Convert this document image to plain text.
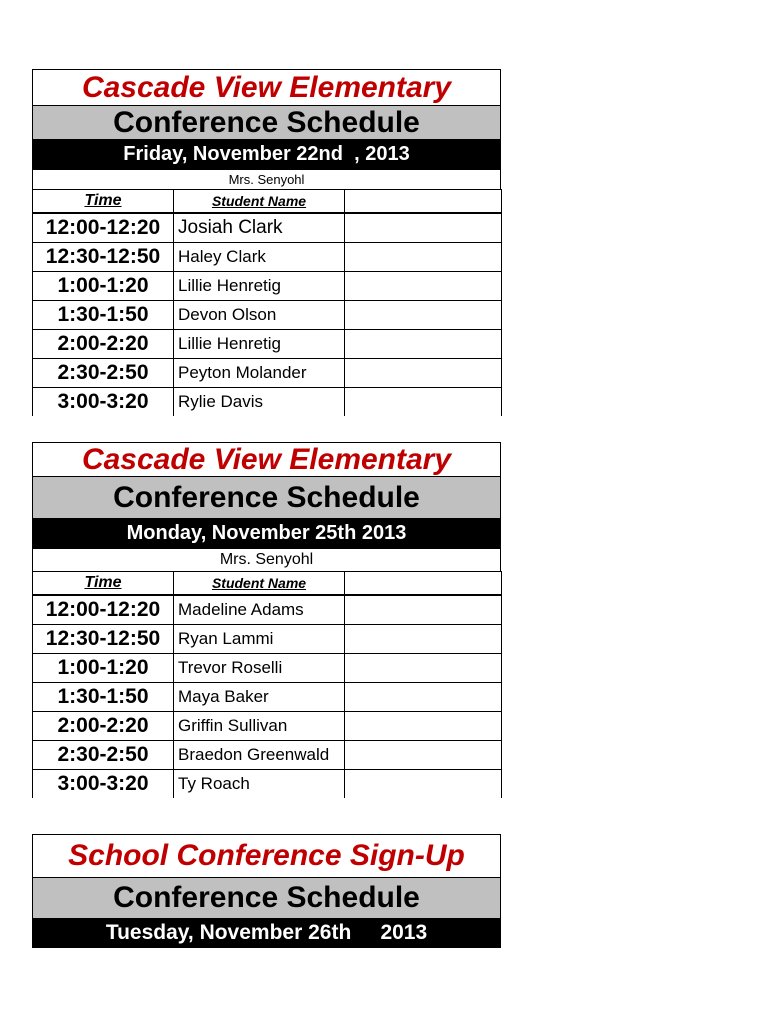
Cascade View Elementary
Conference Schedule
Friday, November 22nd  , 2013
Mrs. Senyohl
Time	Student Name	
12:00-12:20	Josiah Clark	
12:30-12:50	Haley Clark	
1:00-1:20	Lillie Henretig	
1:30-1:50	Devon Olson	
2:00-2:20	Lillie Henretig	
2:30-2:50	Peyton Molander	
3:00-3:20	Rylie Davis	
Cascade View Elementary
Conference Schedule
Monday, November 25th 2013
Mrs. Senyohl
Time	Student Name	
12:00-12:20	Madeline Adams	
12:30-12:50	Ryan Lammi	
1:00-1:20	Trevor Roselli	
1:30-1:50	Maya Baker	
2:00-2:20	Griffin Sullivan	
2:30-2:50	Braedon Greenwald	
3:00-3:20	Ty Roach	
School Conference Sign-Up
Conference Schedule
Tuesday, November 26th     2013
